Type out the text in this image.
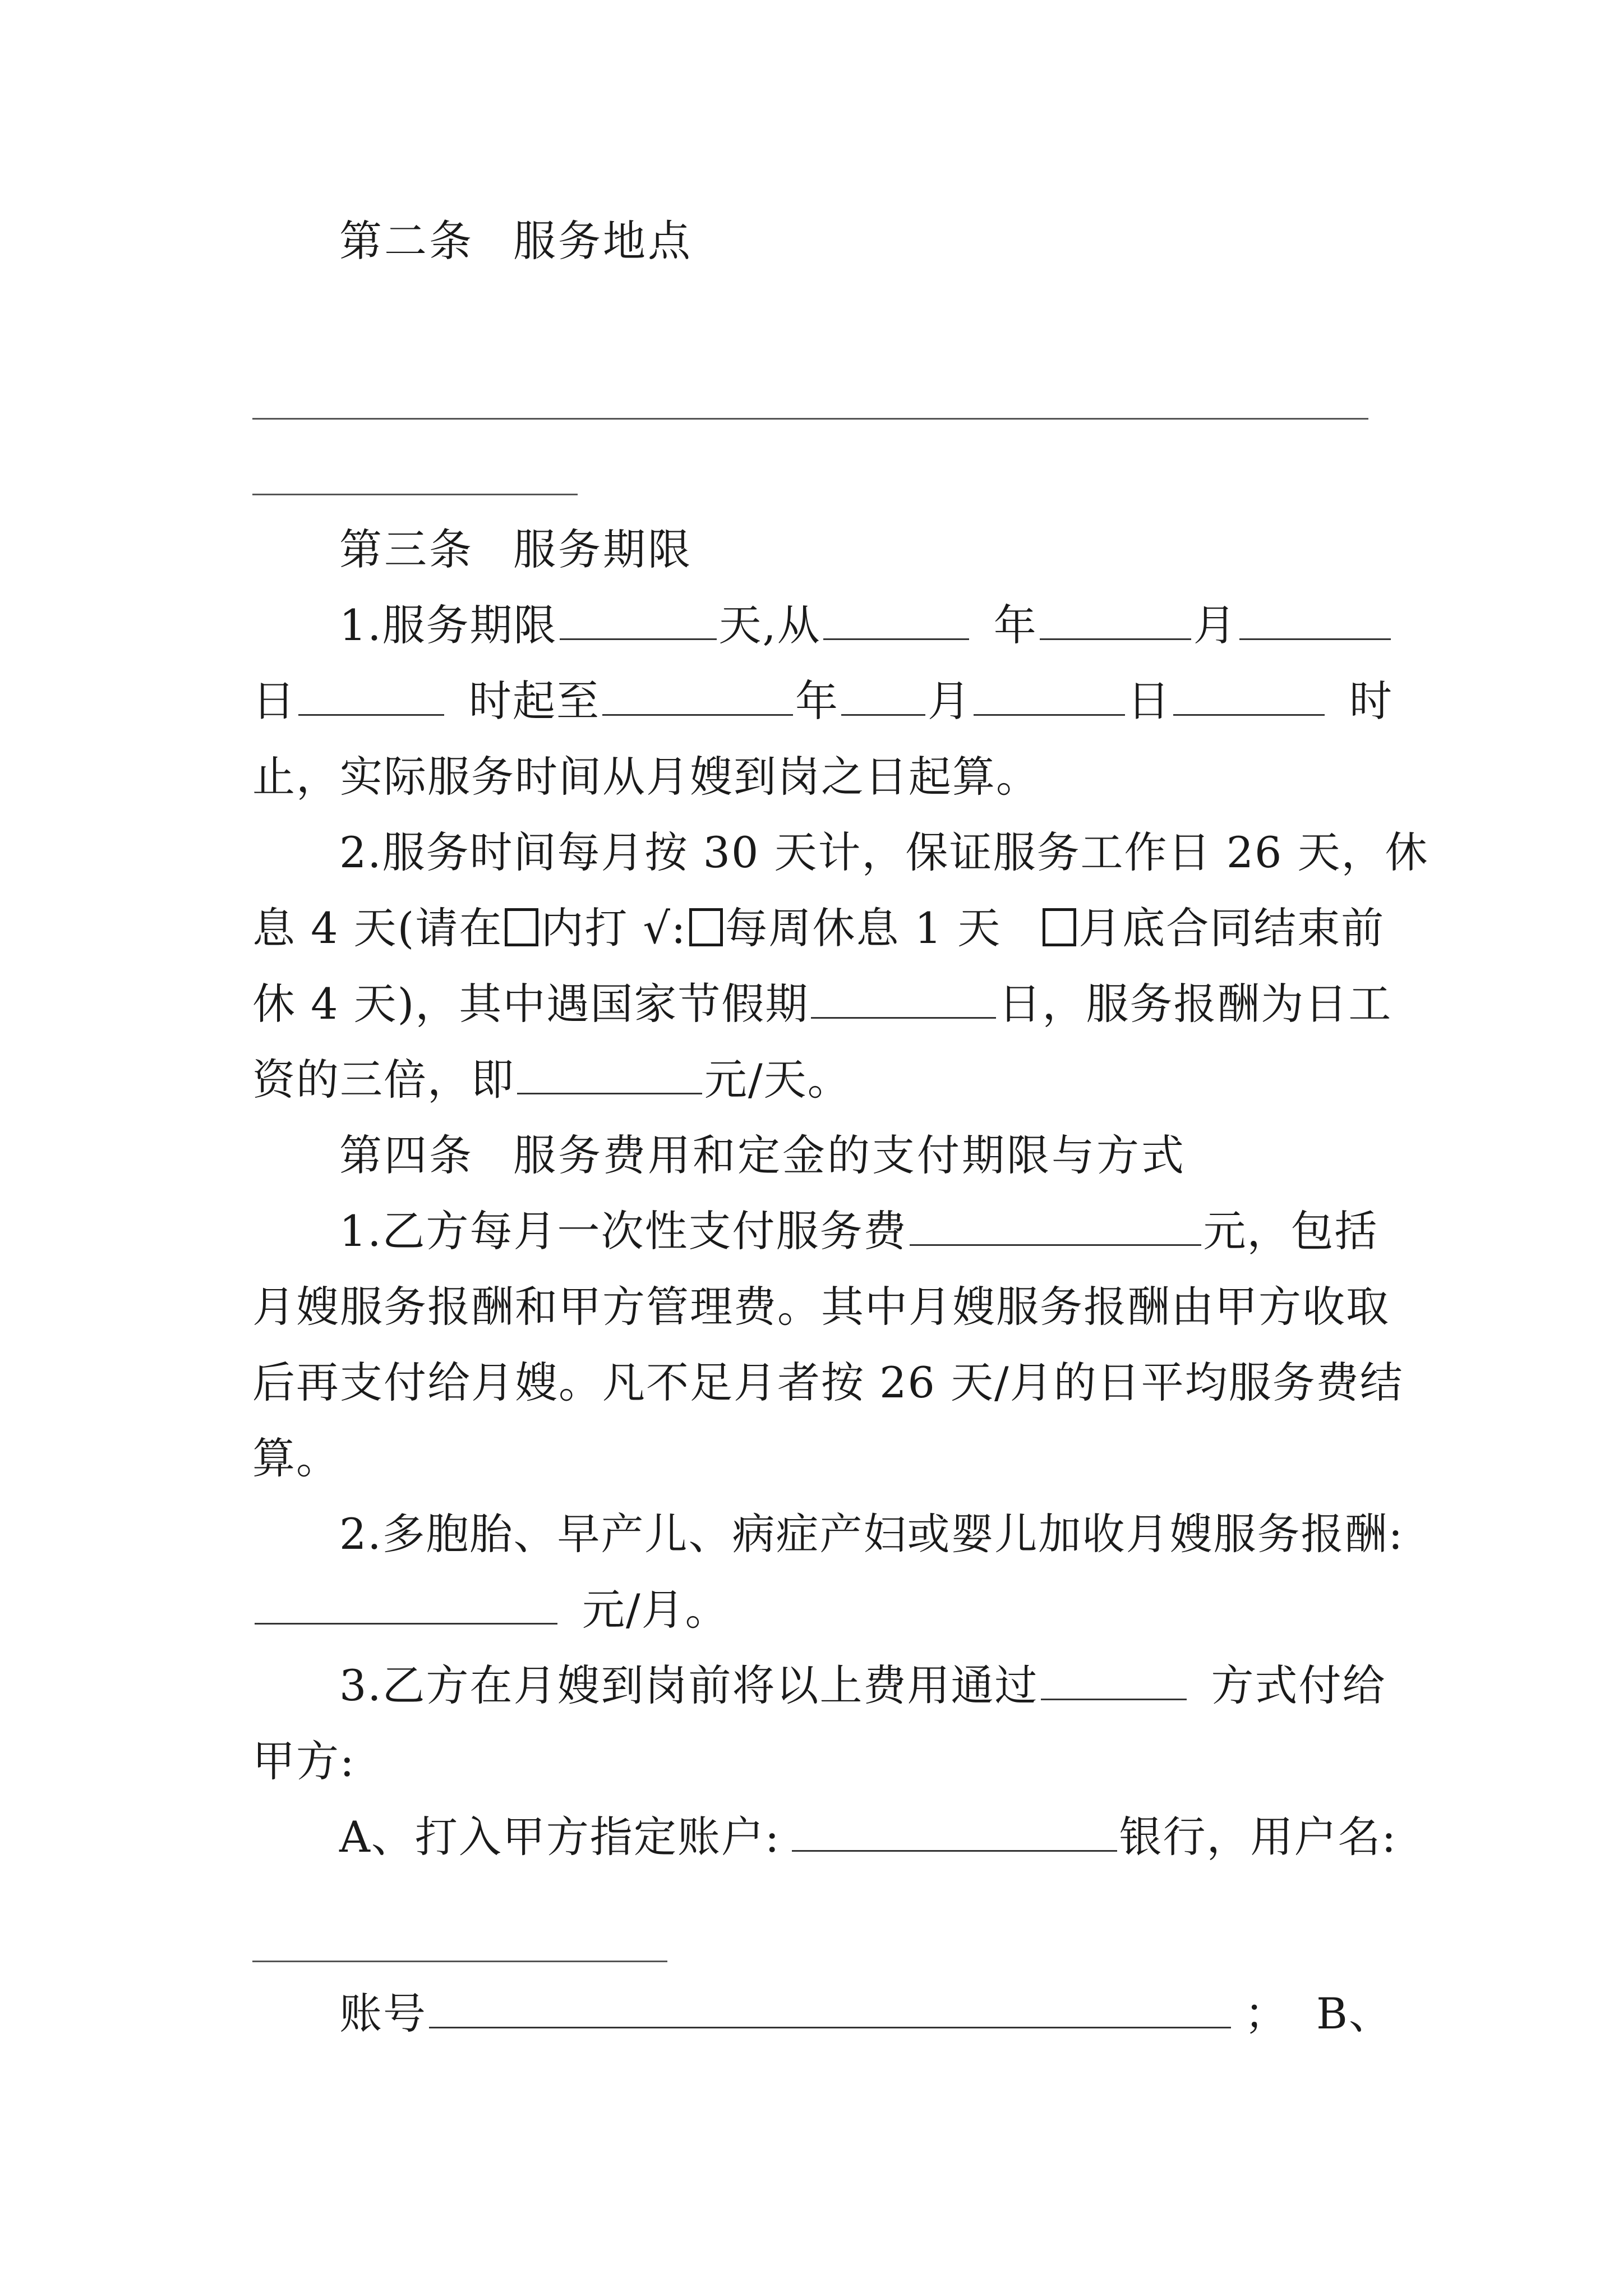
第二条 服务地点
第三条 服务期限
1.服务期限	天,从	年	月
日	时起至	年 月	日	时
止，实际服务时间从月嫂到岗之日起算。
2.服务时间每月按 30 天计，保证服务工作日 26 天，休
息 4 天(请在 内打 √: 每周休息 1 天 月底合同结束前
休 4 天)，其中遇国家节假期	日，服务报酬为日工
资的三倍，即	元/天。
第四条 服务费用和定金的支付期限与方式
1.乙方每月一次性支付服务费	元，包括
月嫂服务报酬和甲方管理费。其中月嫂服务报酬由甲方收取
后再支付给月嫂。凡不足月者按 26 天/月的日平均服务费结
算。
2.多胞胎、早产儿、病症产妇或婴儿加收月嫂服务报酬:
元/月。
3.乙方在月嫂到岗前将以上费用通过	方式付给
甲方:
A、打入甲方指定账户:	银行，用户名:
账号	； B、
